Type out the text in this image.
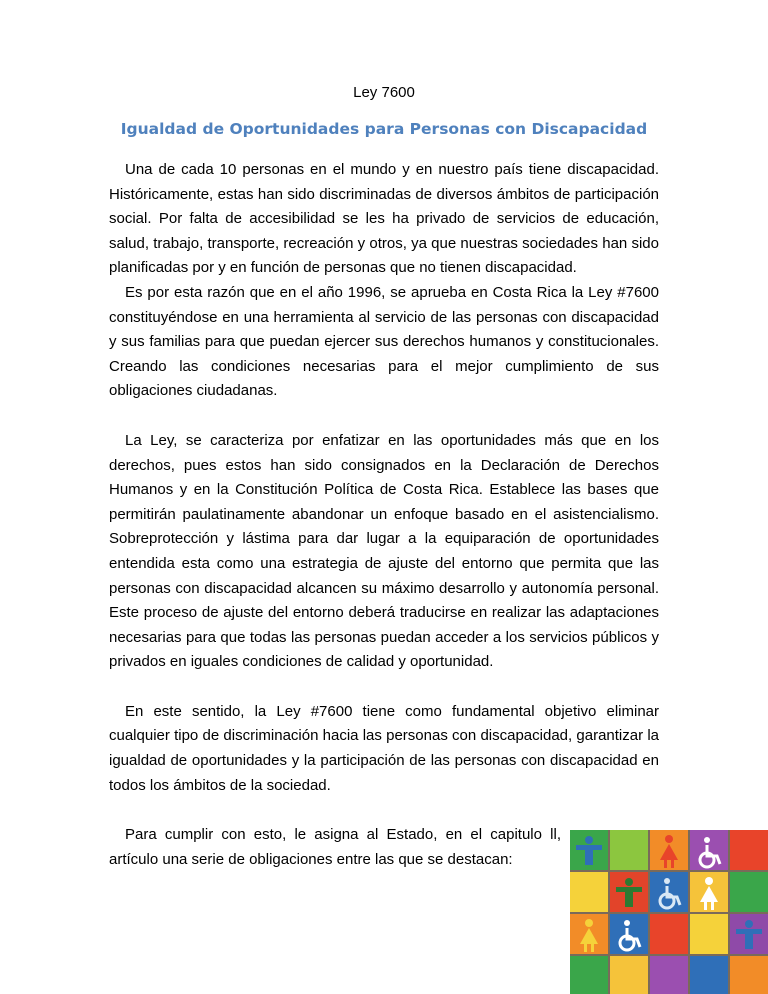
Ley 7600
Igualdad de Oportunidades para Personas con Discapacidad

Una de cada 10 personas en el mundo y en nuestro país tiene discapacidad. Históricamente, estas han sido discriminadas de diversos ámbitos de participación social. Por falta de accesibilidad se les ha privado de servicios de educación, salud, trabajo, transporte, recreación y otros, ya que nuestras sociedades han sido planificadas por y en función de personas que no tienen discapacidad.

Es por esta razón que en el año 1996, se aprueba en Costa Rica la Ley #7600 constituyéndose en una herramienta al servicio de las personas con discapacidad y sus familias para que puedan ejercer sus derechos humanos y constitucionales. Creando las condiciones necesarias para el mejor cumplimiento de sus obligaciones ciudadanas.

La Ley, se caracteriza por enfatizar en las oportunidades más que en los derechos, pues estos han sido consignados en la Declaración de Derechos Humanos y en la Constitución Política de Costa Rica. Establece las bases que permitirán paulatinamente abandonar un enfoque basado en el asistencialismo. Sobreprotección y lástima para dar lugar a la equiparación de oportunidades entendida esta como una estrategia de ajuste del entorno que permita que las personas con discapacidad alcancen su máximo desarrollo y autonomía personal. Este proceso de ajuste del entorno deberá traducirse en realizar las adaptaciones necesarias para que todas las personas puedan acceder a los servicios públicos y privados en iguales condiciones de calidad y oportunidad.

En este sentido, la Ley #7600 tiene como fundamental objetivo eliminar cualquier tipo de discriminación hacia las personas con discapacidad, garantizar la igualdad de oportunidades y la participación de las personas con discapacidad en todos los ámbitos de la sociedad.

Para cumplir con esto, le asigna al Estado, en el capitulo ll, artículo una serie de obligaciones entre las que se destacan:
